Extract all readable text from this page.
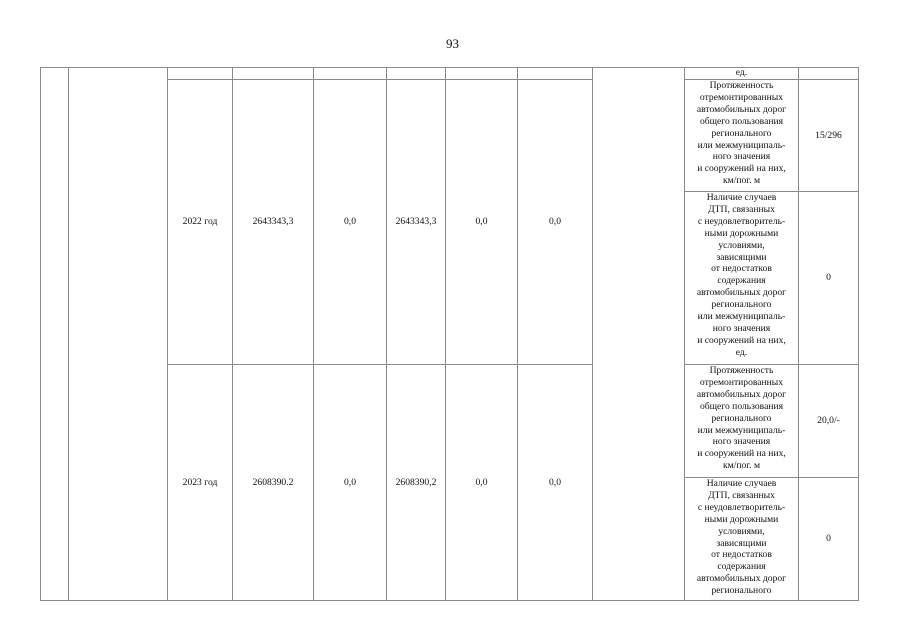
93
ед.
2022 год	2643343,3	0,0	2643343,3	0,0	0,0
Протяженность
отремонтированных
автомобильных дорог
общего пользования
регионального
или межмуниципаль-
ного значения
и сооружений на них,
км/пог. м
15/296
Наличие случаев
ДТП, связанных
с неудовлетворитель-
ными дорожными
условиями,
зависящими
от недостатков
содержания
автомобильных дорог
регионального
или межмуниципаль-
ного значения
и сооружений на них,
ед.
0
2023 год	2608390.2	0,0	2608390,2	0,0	0,0
Протяженность
отремонтированных
автомобильных дорог
общего пользования
регионального
или межмуниципаль-
ного значения
и сооружений на них,
км/пог. м
20,0/-
Наличие случаев
ДТП, связанных
с неудовлетворитель-
ными дорожными
условиями,
зависящими
от недостатков
содержания
автомобильных дорог
регионального
0
